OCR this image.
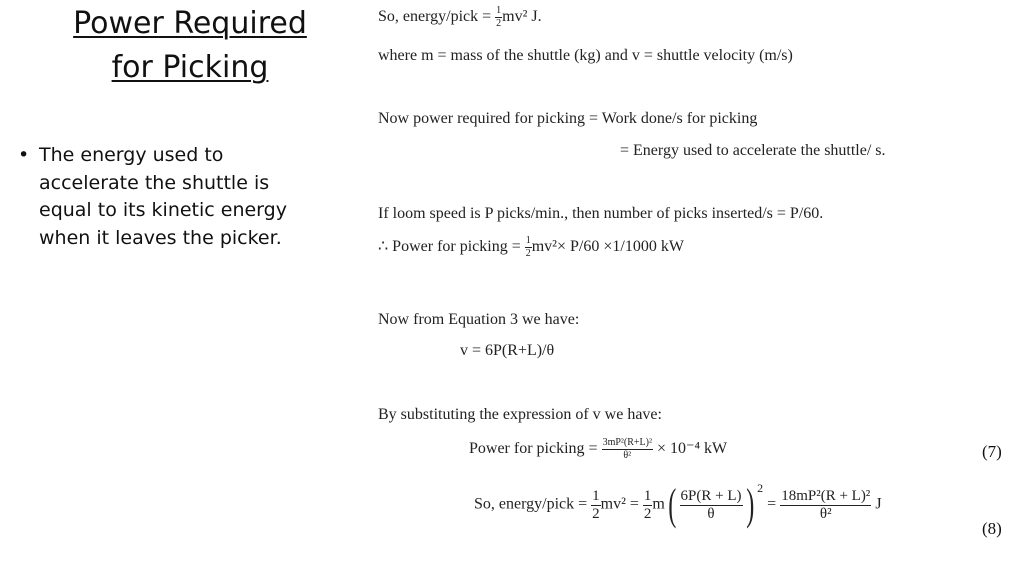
Power Required
for Picking
• The energy used to accelerate the shuttle is equal to its kinetic energy when it leaves the picker.
So, energy/pick = $\frac{1}{2} mv^2$ J.
where m = mass of the shuttle (kg) and v = shuttle velocity (m/s)
Now power required for picking = Work done/s for picking
= Energy used to accelerate the shuttle/ s.
If loom speed is P picks/min., then number of picks inserted/s = P/60.
∴ Power for picking = $\frac{1}{2} mv^2\times P/60 \times 1/1000$ kW
Now from Equation 3 we have:
v = 6P(R+L)/θ
By substituting the expression of v we have:
Power for picking = $\frac{\text{3mP²(R+L)²}}{\text{θ²}} \times 10^{-4}$ kW	(7)
So, energy/pick = $\frac{1}{2} mv^2 = \frac{1}{2} m( \frac{6P(R + L)}{\theta}$ ) $^2 = \frac{\text{18mP²(R + L)²}}{\text{θ²}}$ J
(8)
